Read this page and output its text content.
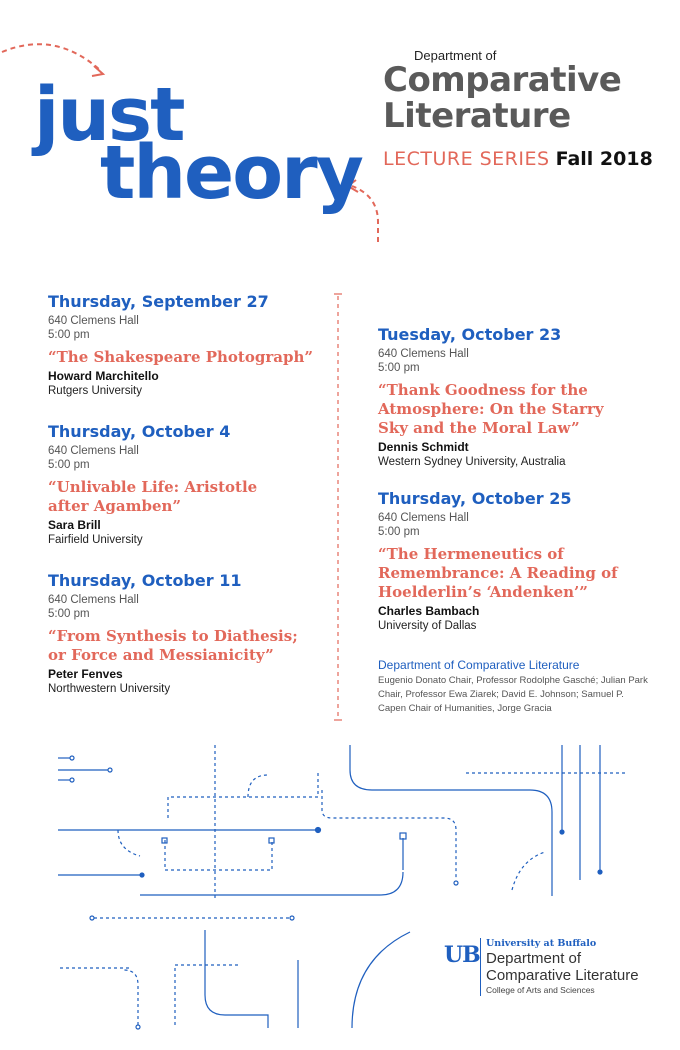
just
theory
Department of
Comparative
Literature
LECTURE SERIES Fall 2018
Thursday, September 27
640 Clemens Hall
5:00 pm
“The Shakespeare Photograph”
Howard Marchitello
Rutgers University
Thursday, October 4
640 Clemens Hall
5:00 pm
“Unlivable Life: Aristotle after Agamben”
Sara Brill
Fairfield University
Thursday, October 11
640 Clemens Hall
5:00 pm
“From Synthesis to Diathesis; or Force and Messianicity”
Peter Fenves
Northwestern University
Tuesday, October 23
640 Clemens Hall
5:00 pm
“Thank Goodness for the Atmosphere: On the Starry Sky and the Moral Law”
Dennis Schmidt
Western Sydney University, Australia
Thursday, October 25
640 Clemens Hall
5:00 pm
“The Hermeneutics of Remembrance: A Reading of Hoelderlin’s ‘Andenken’”
Charles Bambach
University of Dallas
Department of Comparative Literature
Eugenio Donato Chair, Professor Rodolphe Gasché; Julian Park Chair, Professor Ewa Ziarek; David E. Johnson; Samuel P. Capen Chair of Humanities, Jorge Gracia
UB University at Buffalo
Department of
Comparative Literature
College of Arts and Sciences
